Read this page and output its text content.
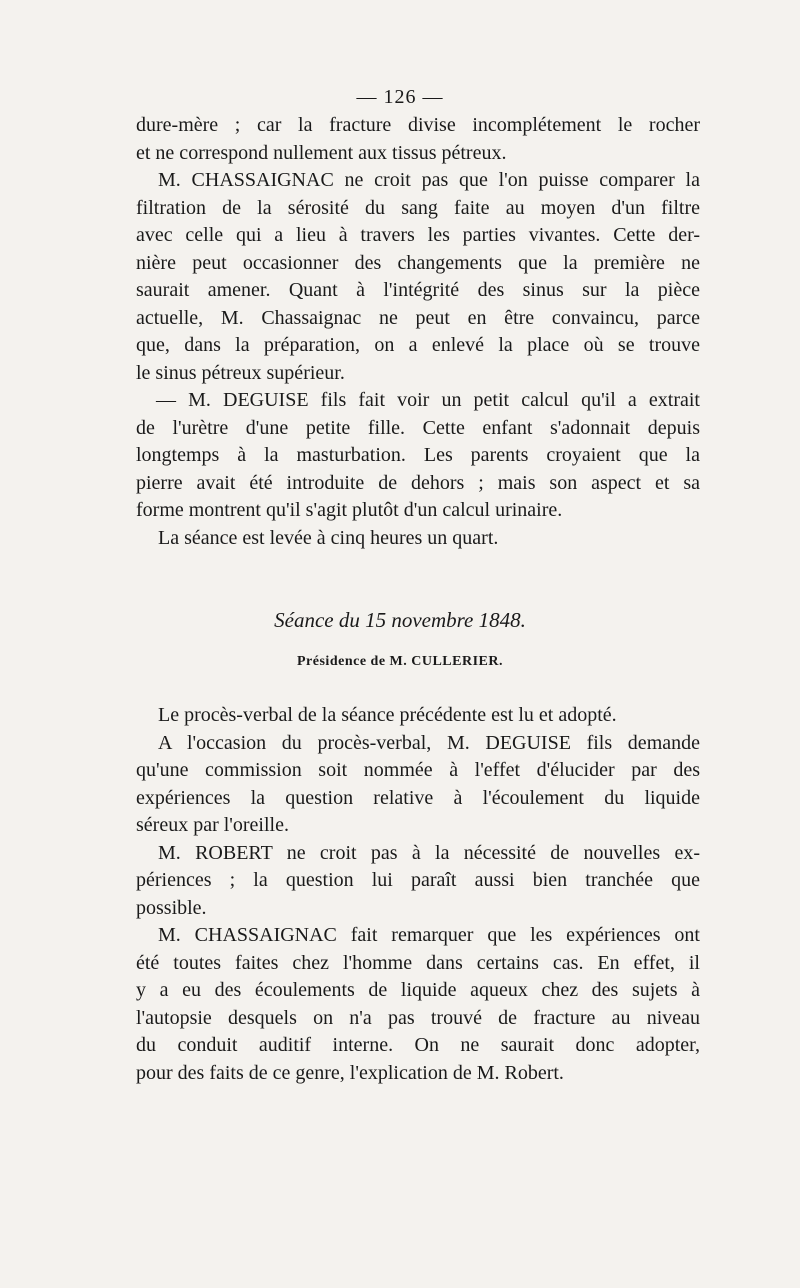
— 126 —
dure-mère ; car la fracture divise incomplétement le rocher
et ne correspond nullement aux tissus pétreux.
M. CHASSAIGNAC ne croit pas que l'on puisse comparer la
filtration de la sérosité du sang faite au moyen d'un filtre
avec celle qui a lieu à travers les parties vivantes. Cette der-
nière peut occasionner des changements que la première ne
saurait amener. Quant à l'intégrité des sinus sur la pièce
actuelle, M. Chassaignac ne peut en être convaincu, parce
que, dans la préparation, on a enlevé la place où se trouve
le sinus pétreux supérieur.
— M. DEGUISE fils fait voir un petit calcul qu'il a extrait
de l'urètre d'une petite fille. Cette enfant s'adonnait depuis
longtemps à la masturbation. Les parents croyaient que la
pierre avait été introduite de dehors ; mais son aspect et sa
forme montrent qu'il s'agit plutôt d'un calcul urinaire.
La séance est levée à cinq heures un quart.
Séance du 15 novembre 1848.
Présidence de M. CULLERIER.
Le procès-verbal de la séance précédente est lu et adopté.
A l'occasion du procès-verbal, M. DEGUISE fils demande
qu'une commission soit nommée à l'effet d'élucider par des
expériences la question relative à l'écoulement du liquide
séreux par l'oreille.
M. ROBERT ne croit pas à la nécessité de nouvelles ex-
périences ; la question lui paraît aussi bien tranchée que
possible.
M. CHASSAIGNAC fait remarquer que les expériences ont
été toutes faites chez l'homme dans certains cas. En effet, il
y a eu des écoulements de liquide aqueux chez des sujets à
l'autopsie desquels on n'a pas trouvé de fracture au niveau
du conduit auditif interne. On ne saurait donc adopter,
pour des faits de ce genre, l'explication de M. Robert.
